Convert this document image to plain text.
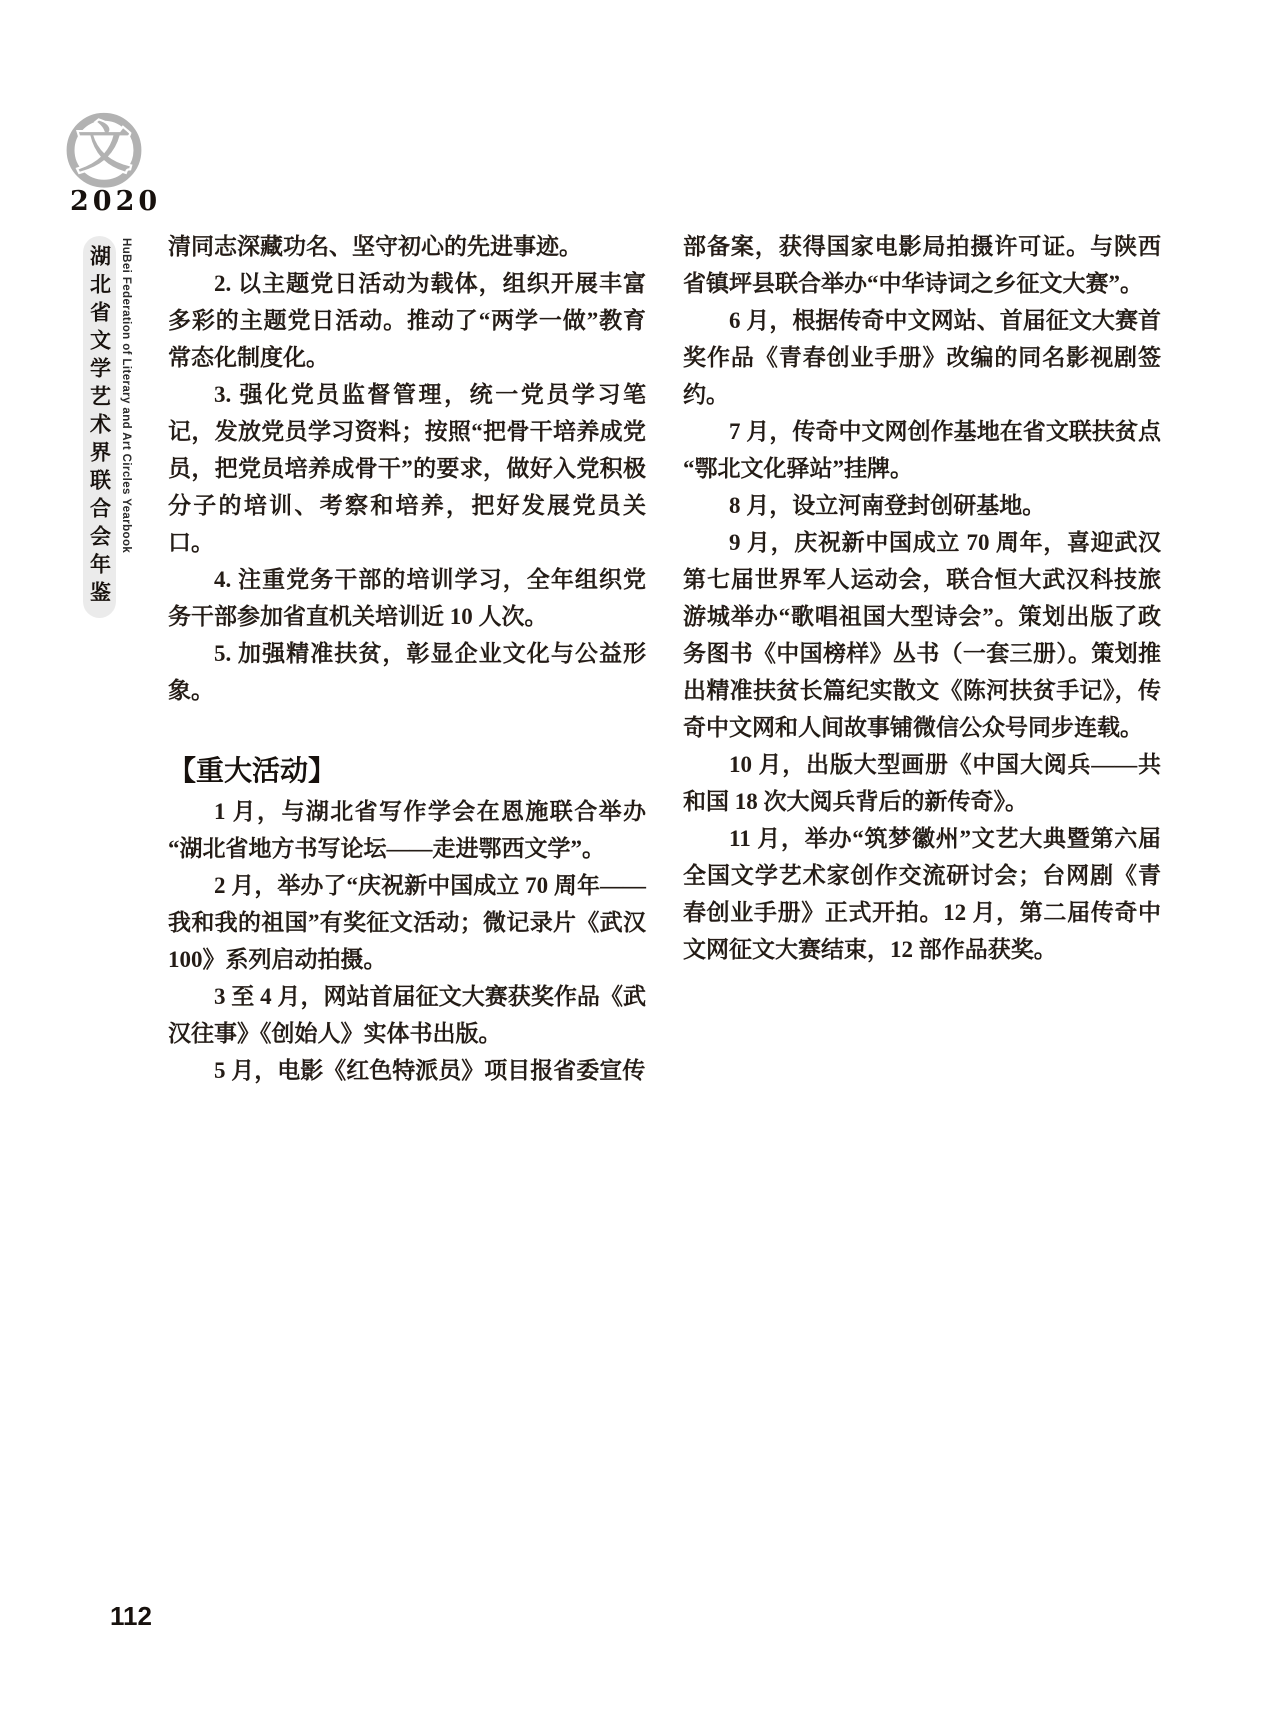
文
2020
湖北省文学艺术界联合会年鉴 HuBei Federation of Literary and Art Circles Yearbook 清同志深藏功名、坚守初心的先进事迹。

2. 以主题党日活动为载体，组织开展丰富多彩的主题党日活动。推动了“两学一做”教育常态化制度化。

3. 强化党员监督管理，统一党员学习笔记，发放党员学习资料；按照“把骨干培养成党员，把党员培养成骨干”的要求，做好入党积极分子的培训、考察和培养，把好发展党员关口。

4. 注重党务干部的培训学习，全年组织党务干部参加省直机关培训近 10 人次。

5. 加强精准扶贫，彰显企业文化与公益形象。

【重大活动】

1 月，与湖北省写作学会在恩施联合举办“湖北省地方书写论坛——走进鄂西文学”。

2 月，举办了“庆祝新中国成立 70 周年——我和我的祖国”有奖征文活动；微记录片《武汉 100》系列启动拍摄。

3 至 4 月，网站首届征文大赛获奖作品《武汉往事》《创始人》实体书出版。

5 月，电影《红色特派员》项目报省委宣传

部备案，获得国家电影局拍摄许可证。与陕西省镇坪县联合举办“中华诗词之乡征文大赛”。

6 月，根据传奇中文网站、首届征文大赛首奖作品《青春创业手册》改编的同名影视剧签约。

7 月，传奇中文网创作基地在省文联扶贫点“鄂北文化驿站”挂牌。

8 月，设立河南登封创研基地。

9 月，庆祝新中国成立 70 周年，喜迎武汉第七届世界军人运动会，联合恒大武汉科技旅游城举办“歌唱祖国大型诗会”。策划出版了政务图书《中国榜样》丛书（一套三册）。策划推出精准扶贫长篇纪实散文《陈河扶贫手记》，传奇中文网和人间故事铺微信公众号同步连载。

10 月，出版大型画册《中国大阅兵——共和国 18 次大阅兵背后的新传奇》。

11 月，举办“筑梦徽州”文艺大典暨第六届全国文学艺术家创作交流研讨会；台网剧《青春创业手册》正式开拍。12 月，第二届传奇中文网征文大赛结束，12 部作品获奖。

112
